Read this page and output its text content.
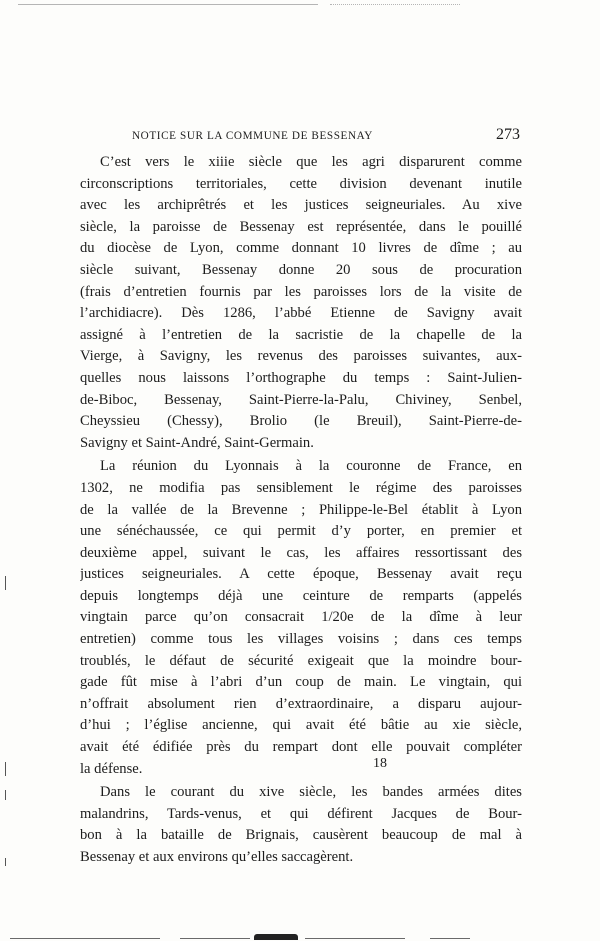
NOTICE SUR LA COMMUNE DE BESSENAY	273
C’est vers le xiiie siècle que les agri disparurent comme
circonscriptions territoriales, cette division devenant inutile
avec les archiprêtrés et les justices seigneuriales. Au xive
siècle, la paroisse de Bessenay est représentée, dans le pouillé
du diocèse de Lyon, comme donnant 10 livres de dîme ; au
siècle suivant, Bessenay donne 20 sous de procuration
(frais d’entretien fournis par les paroisses lors de la visite de
l’archidiacre). Dès 1286, l’abbé Etienne de Savigny avait
assigné à l’entretien de la sacristie de la chapelle de la
Vierge, à Savigny, les revenus des paroisses suivantes, aux-
quelles nous laissons l’orthographe du temps : Saint-Julien-
de-Biboc, Bessenay, Saint-Pierre-la-Palu, Chiviney, Senbel,
Cheyssieu (Chessy), Brolio (le Breuil), Saint-Pierre-de-
Savigny et Saint-André, Saint-Germain.
La réunion du Lyonnais à la couronne de France, en
1302, ne modifia pas sensiblement le régime des paroisses
de la vallée de la Brevenne ; Philippe-le-Bel établit à Lyon
une sénéchaussée, ce qui permit d’y porter, en premier et
deuxième appel, suivant le cas, les affaires ressortissant des
justices seigneuriales. A cette époque, Bessenay avait reçu
depuis longtemps déjà une ceinture de remparts (appelés
vingtain parce qu’on consacrait 1/20e de la dîme à leur
entretien) comme tous les villages voisins ; dans ces temps
troublés, le défaut de sécurité exigeait que la moindre bour-
gade fût mise à l’abri d’un coup de main. Le vingtain, qui
n’offrait absolument rien d’extraordinaire, a disparu aujour-
d’hui ; l’église ancienne, qui avait été bâtie au xie siècle,
avait été édifiée près du rempart dont elle pouvait compléter
la défense.
Dans le courant du xive siècle, les bandes armées dites
malandrins, Tards-venus, et qui défirent Jacques de Bour-
bon à la bataille de Brignais, causèrent beaucoup de mal à
Bessenay et aux environs qu’elles saccagèrent.
18
